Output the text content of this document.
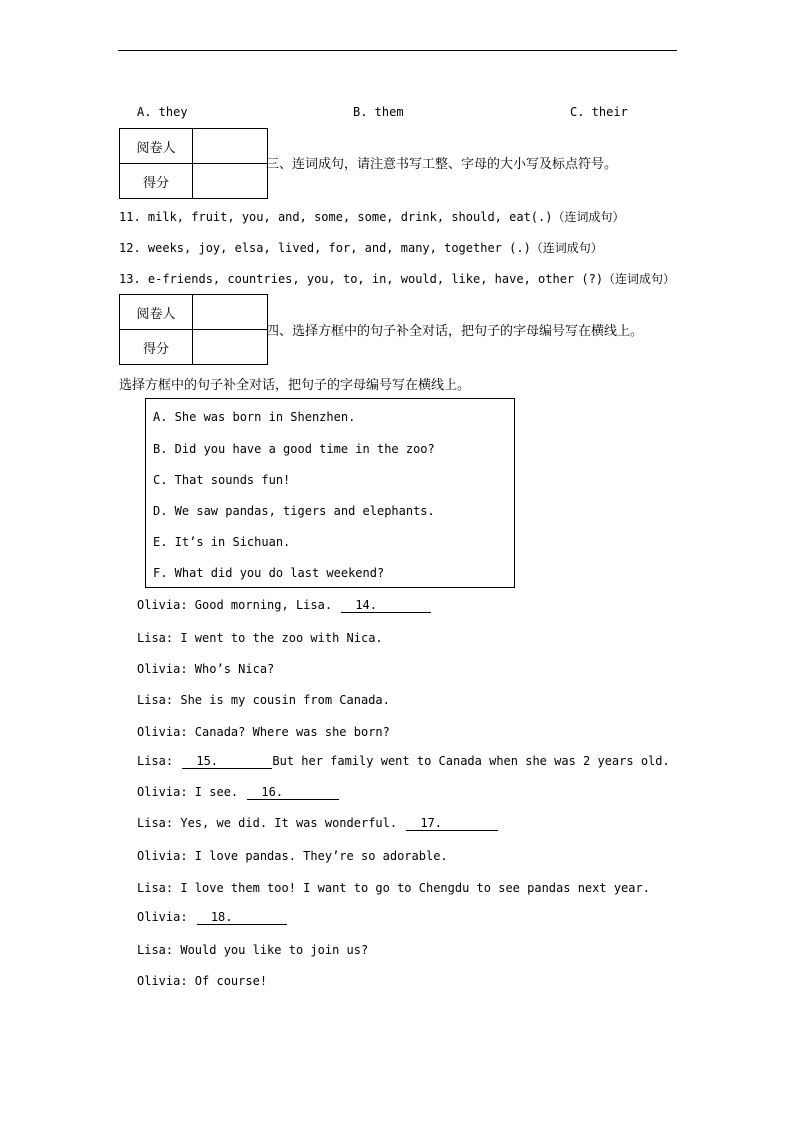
A. they	B. them	C. their
阅卷人	
得分	
三、连词成句，请注意书写工整、字母的大小写及标点符号。
11. milk, fruit, you, and, some, some, drink, should, eat(.)（连词成句）
12. weeks, joy, elsa, lived, for, and, many, together (.)（连词成句）
13. e-friends, countries, you, to, in, would, like, have, other (?)（连词成句）
阅卷人	
得分	
四、选择方框中的句子补全对话，把句子的字母编号写在横线上。
选择方框中的句子补全对话，把句子的字母编号写在横线上。
A. She was born in Shenzhen.
B. Did you have a good time in the zoo?
C. That sounds fun!
D. We saw pandas, tigers and elephants.
E. It’s in Sichuan.
F. What did you do last weekend?
Olivia: Good morning, Lisa. 14.
Lisa: I went to the zoo with Nica.
Olivia: Who’s Nica?
Lisa: She is my cousin from Canada.
Olivia: Canada? Where was she born?
Lisa: 15.	But her family went to Canada when she was 2 years old.
Olivia: I see. 16.
Lisa: Yes, we did. It was wonderful. 17.
Olivia: I love pandas. They’re so adorable.
Lisa: I love them too! I want to go to Chengdu to see pandas next year.
Olivia: 18.
Lisa: Would you like to join us?
Olivia: Of course!
